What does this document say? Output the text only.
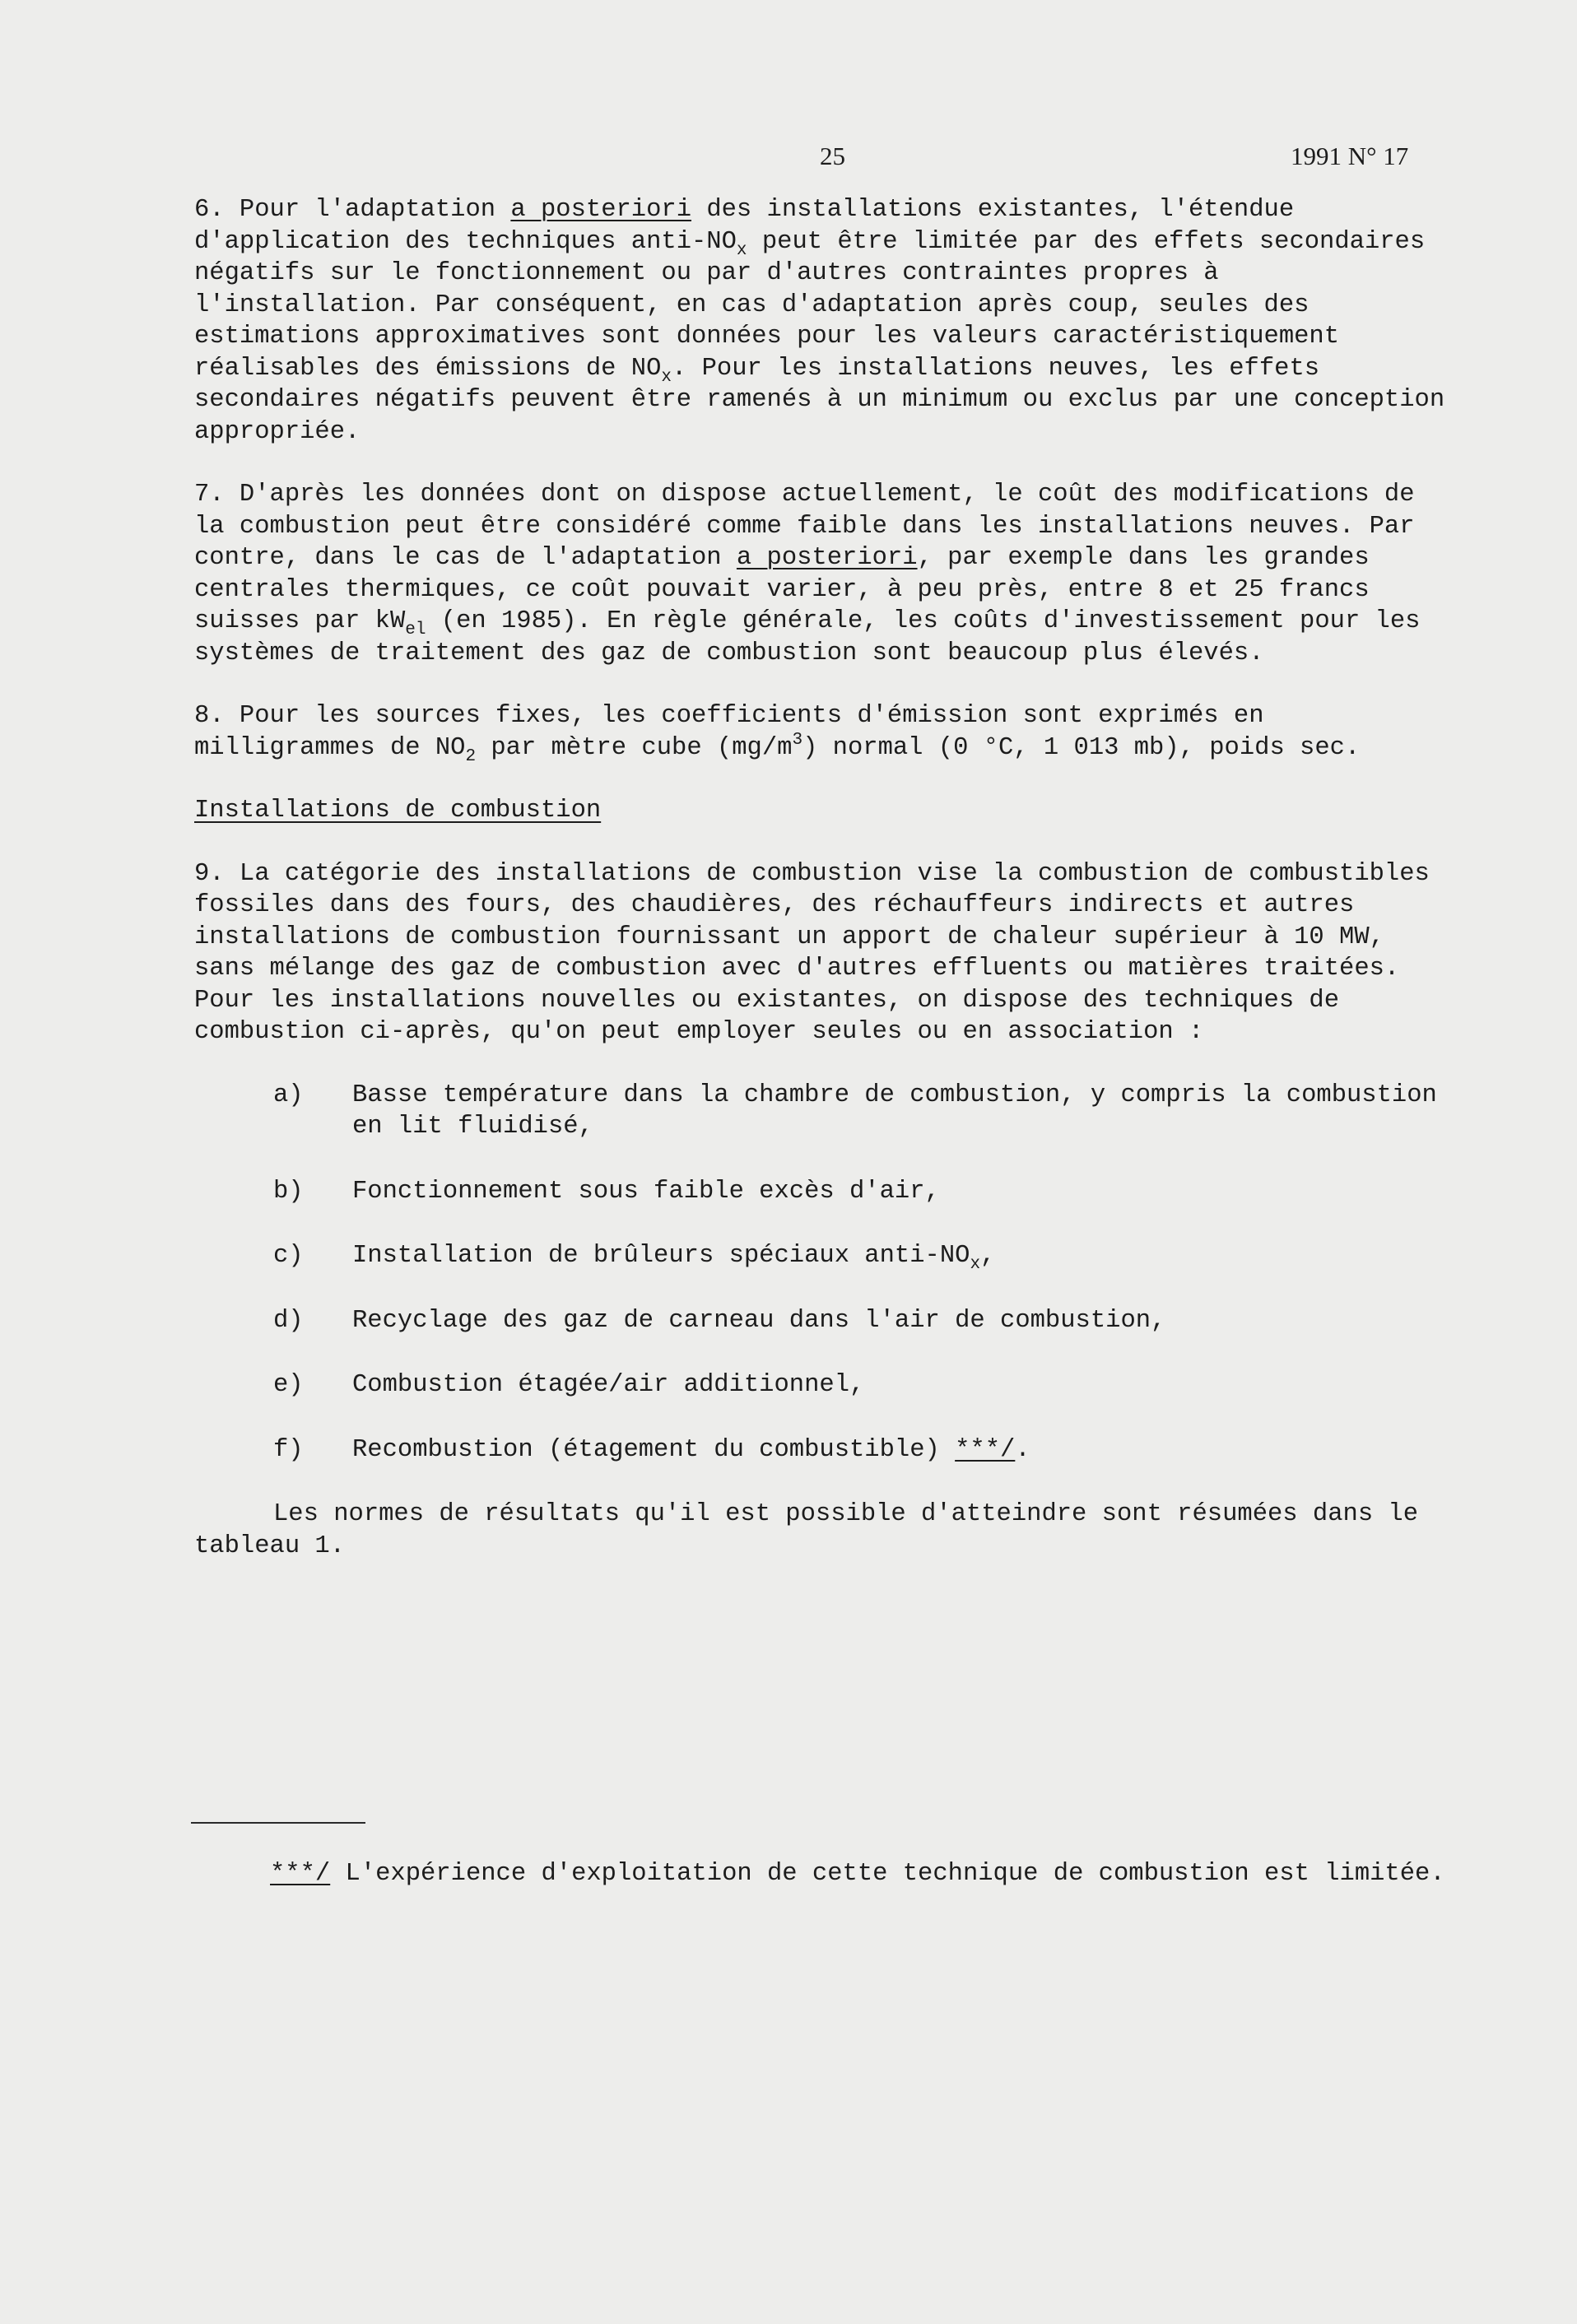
25	1991 N° 17

6. Pour l'adaptation a posteriori des installations existantes, l'étendue d'application des techniques anti-$NO_x$ peut être limitée par des effets secondaires négatifs sur le fonctionnement ou par d'autres contraintes propres à l'installation. Par conséquent, en cas d'adaptation après coup, seules des estimations approximatives sont données pour les valeurs caractéristiquement réalisables des émissions de $NO_x$. Pour les installations neuves, les effets secondaires négatifs peuvent être ramenés à un minimum ou exclus par une conception appropriée.

7. D'après les données dont on dispose actuellement, le coût des modifications de la combustion peut être considéré comme faible dans les installations neuves. Par contre, dans le cas de l'adaptation a posteriori, par exemple dans les grandes centrales thermiques, ce coût pouvait varier, à peu près, entre 8 et 25 francs suisses par $kW_{el}$ (en 1985). En règle générale, les coûts d'investissement pour les systèmes de traitement des gaz de combustion sont beaucoup plus élevés.

8. Pour les sources fixes, les coefficients d'émission sont exprimés en milligrammes de $NO_2$ par mètre cube $(mg/m^3)$ normal (0 °C, 1 013 mb), poids sec.

Installations de combustion

9. La catégorie des installations de combustion vise la combustion de combustibles fossiles dans des fours, des chaudières, des réchauffeurs indirects et autres installations de combustion fournissant un apport de chaleur supérieur à 10 MW, sans mélange des gaz de combustion avec d'autres effluents ou matières traitées. Pour les installations nouvelles ou existantes, on dispose des techniques de combustion ci-après, qu'on peut employer seules ou en association :

a)	Basse température dans la chambre de combustion, y compris la combustion en lit fluidisé,
b)	Fonctionnement sous faible excès d'air,
c)	Installation de brûleurs spéciaux anti-$NO_x$,
d)	Recyclage des gaz de carneau dans l'air de combustion,
e)	Combustion étagée/air additionnel,
f)	Recombustion (étagement du combustible) ***/.

Les normes de résultats qu'il est possible d'atteindre sont résumées dans le tableau 1.

***/ L'expérience d'exploitation de cette technique de combustion est limitée.
